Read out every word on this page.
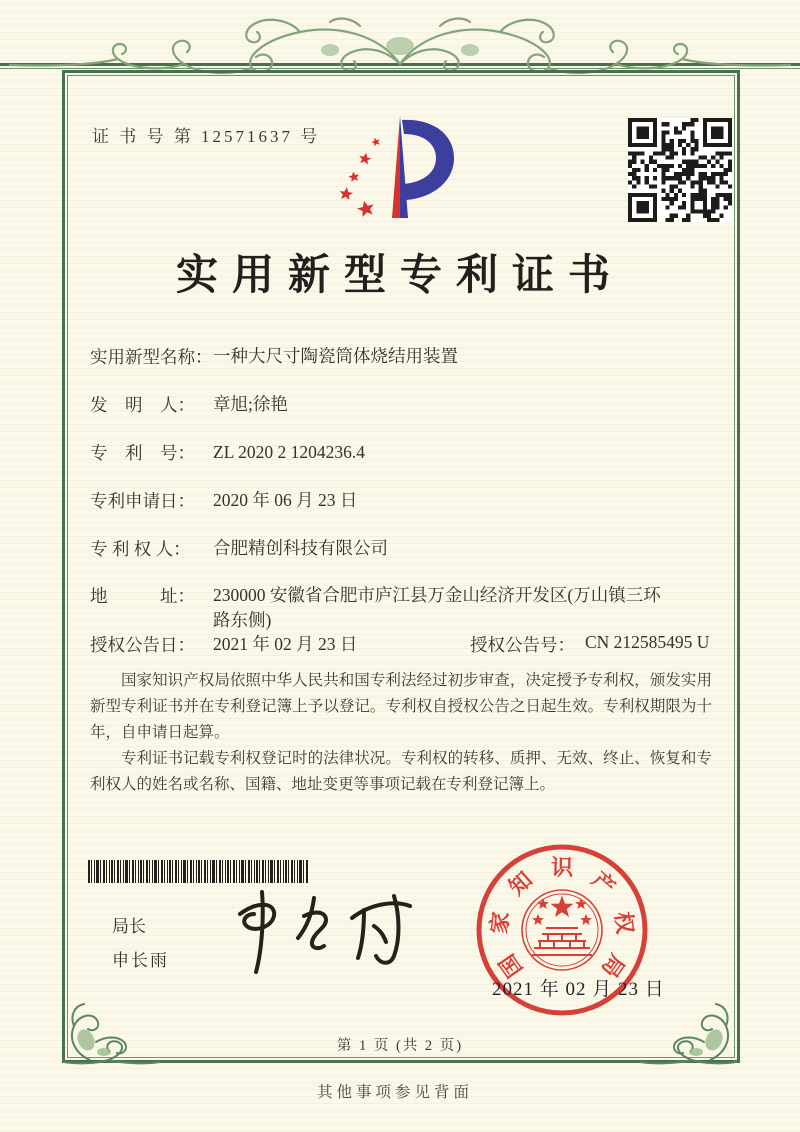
证 书 号 第 12571637 号
实用新型专利证书
实用新型名称： 一种大尺寸陶瓷筒体烧结用装置
发　明　人： 章旭;徐艳
专　利　号： ZL 2020 2 1204236.4
专利申请日： 2020 年 06 月 23 日
专 利 权 人： 合肥精创科技有限公司
地　　　址： 230000 安徽省合肥市庐江县万金山经济开发区(万山镇三环路东侧)
授权公告日： 2021 年 02 月 23 日	授权公告号： CN 212585495 U

国家知识产权局依照中华人民共和国专利法经过初步审查，决定授予专利权，颁发实用新型专利证书并在专利登记簿上予以登记。专利权自授权公告之日起生效。专利权期限为十年，自申请日起算。

专利证书记载专利权登记时的法律状况。专利权的转移、质押、无效、终止、恢复和专利权人的姓名或名称、国籍、地址变更等事项记载在专利登记簿上。

局长
申长雨	国
家
知 识 产
权
局
2021 年 02 月 23 日
第 1 页 (共 2 页)
其他事项参见背面
